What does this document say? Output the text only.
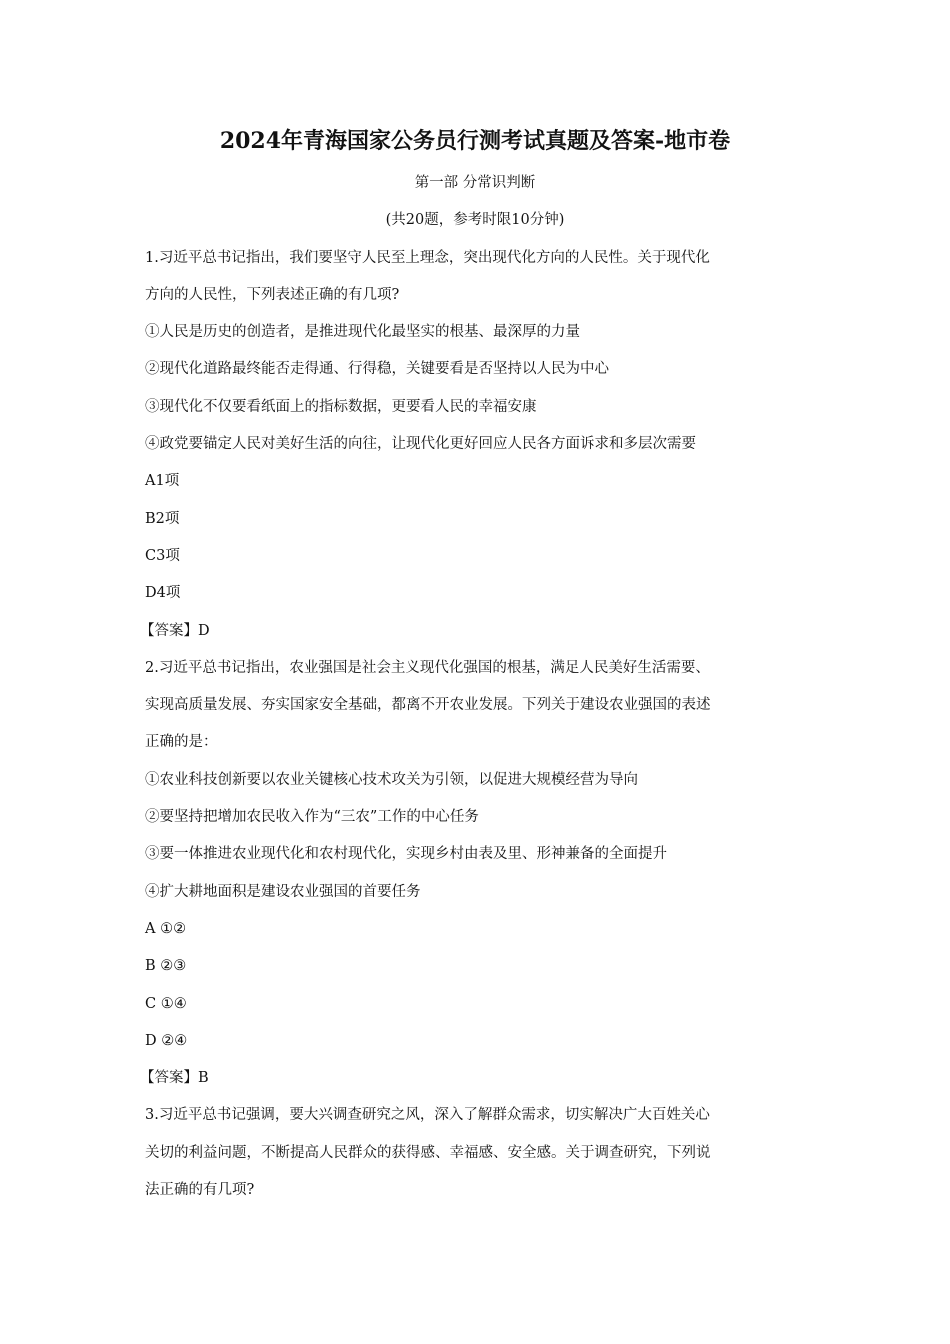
2024年青海国家公务员行测考试真题及答案-地市卷
第一部 分常识判断
(共20题，参考时限10分钟)
1.习近平总书记指出，我们要坚守人民至上理念，突出现代化方向的人民性。关于现代化
方向的人民性，下列表述正确的有几项?
①人民是历史的创造者，是推进现代化最坚实的根基、最深厚的力量
②现代化道路最终能否走得通、行得稳，关键要看是否坚持以人民为中心
③现代化不仅要看纸面上的指标数据，更要看人民的幸福安康
④政党要锚定人民对美好生活的向往，让现代化更好回应人民各方面诉求和多层次需要
A1项
B2项
C3项
D4项
【答案】D
2.习近平总书记指出，农业强国是社会主义现代化强国的根基，满足人民美好生活需要、
实现高质量发展、夯实国家安全基础，都离不开农业发展。下列关于建设农业强国的表述
正确的是：
①农业科技创新要以农业关键核心技术攻关为引领，以促进大规模经营为导向
②要坚持把增加农民收入作为“三农”工作的中心任务
③要一体推进农业现代化和农村现代化，实现乡村由表及里、形神兼备的全面提升
④扩大耕地面积是建设农业强国的首要任务
A ①②
B ②③
C ①④
D ②④
【答案】B
3.习近平总书记强调，要大兴调查研究之风，深入了解群众需求，切实解决广大百姓关心
关切的利益问题，不断提高人民群众的获得感、幸福感、安全感。关于调查研究，下列说
法正确的有几项?
